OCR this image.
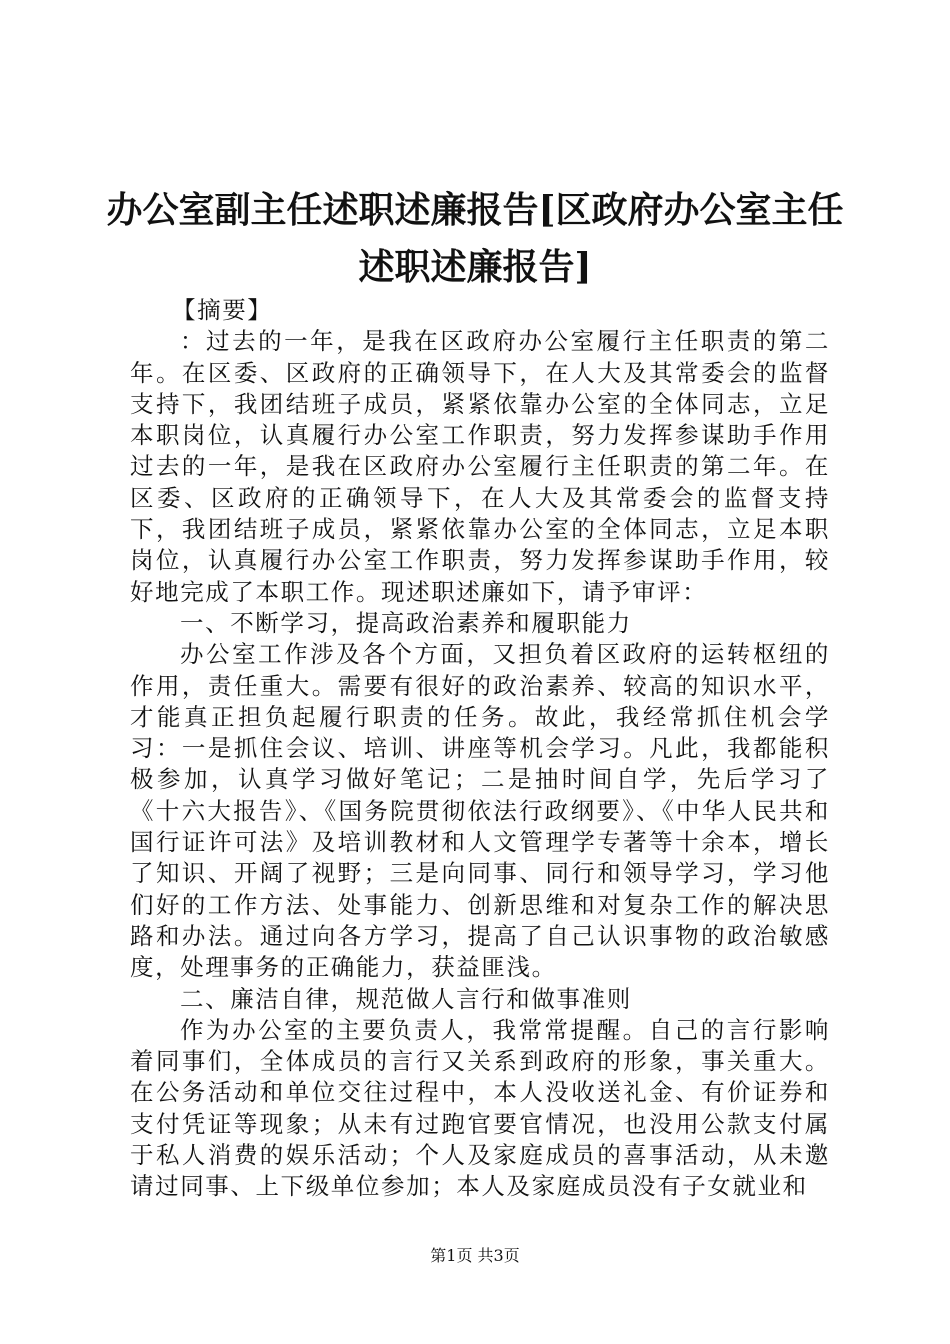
办公室副主任述职述廉报告[区政府办公室主任述职述廉报告]

【摘要】

：过去的一年，是我在区政府办公室履行主任职责的第二年。在区委、区政府的正确领导下，在人大及其常委会的监督支持下，我团结班子成员，紧紧依靠办公室的全体同志，立足本职岗位，认真履行办公室工作职责，努力发挥参谋助手作用过去的一年，是我在区政府办公室履行主任职责的第二年。在区委、区政府的正确领导下，在人大及其常委会的监督支持下，我团结班子成员，紧紧依靠办公室的全体同志，立足本职岗位，认真履行办公室工作职责，努力发挥参谋助手作用，较好地完成了本职工作。现述职述廉如下，请予审评：

一、不断学习，提高政治素养和履职能力

办公室工作涉及各个方面，又担负着区政府的运转枢纽的作用，责任重大。需要有很好的政治素养、较高的知识水平，才能真正担负起履行职责的任务。故此，我经常抓住机会学习：一是抓住会议、培训、讲座等机会学习。凡此，我都能积极参加，认真学习做好笔记；二是抽时间自学，先后学习了《十六大报告》、《国务院贯彻依法行政纲要》、《中华人民共和国行证许可法》及培训教材和人文管理学专著等十余本，增长了知识、开阔了视野；三是向同事、同行和领导学习，学习他们好的工作方法、处事能力、创新思维和对复杂工作的解决思路和办法。通过向各方学习，提高了自己认识事物的政治敏感度，处理事务的正确能力，获益匪浅。

二、廉洁自律，规范做人言行和做事准则

作为办公室的主要负责人，我常常提醒。自己的言行影响着同事们，全体成员的言行又关系到政府的形象，事关重大。在公务活动和单位交往过程中，本人没收送礼金、有价证券和支付凭证等现象；从未有过跑官要官情况，也没用公款支付属于私人消费的娱乐活动；个人及家庭成员的喜事活动，从未邀请过同事、上下级单位参加；本人及家庭成员没有子女就业和

第1页 共3页
